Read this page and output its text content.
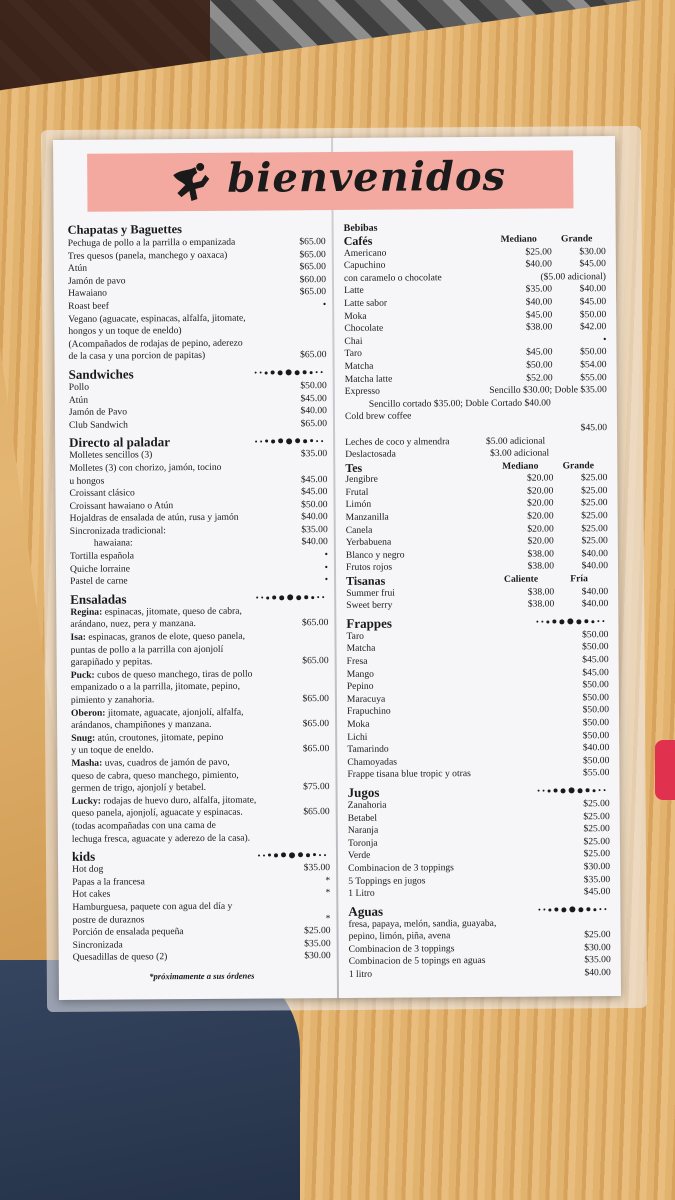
bienvenidos
Chapatas y Baguettes
Pechuga de pollo a la parrilla o empanizada	$65.00
Tres quesos (panela, manchego y oaxaca)	$65.00
Atún	$65.00
Jamón de pavo	$60.00
Hawaiano	$65.00
Roast beef	•
Vegano (aguacate, espinacas, alfalfa, jitomate,
hongos y un toque de eneldo)
(Acompañados de rodajas de pepino, aderezo
de la casa y una porcion de papitas)	$65.00
Sandwiches
Pollo	$50.00
Atún	$45.00
Jamón de Pavo	$40.00
Club Sandwich	$65.00
Directo al paladar
Molletes sencillos (3)	$35.00
Molletes (3) con chorizo, jamón, tocino
u hongos	$45.00
Croissant clásico	$45.00
Croissant hawaiano o Atún	$50.00
Hojaldras de ensalada de atún, rusa y jamón	$40.00
Sincronizada tradicional:	$35.00
hawaiana:	$40.00
Tortilla española	•
Quiche lorraine	•
Pastel de carne	•
Ensaladas
Regina: espinacas, jitomate, queso de cabra,
arándano, nuez, pera y manzana.	$65.00
Isa: espinacas, granos de elote, queso panela,
puntas de pollo a la parrilla con ajonjolí
garapiñado y pepitas.	$65.00
Puck: cubos de queso manchego, tiras de pollo
empanizado o a la parrilla, jitomate, pepino,
pimiento y zanahoria.	$65.00
Oberon: jitomate, aguacate, ajonjolí, alfalfa,
arándanos, champiñones y manzana.	$65.00
Snug: atún, croutones, jitomate, pepino
y un toque de eneldo.	$65.00
Masha: uvas, cuadros de jamón de pavo,
queso de cabra, queso manchego, pimiento,
germen de trigo, ajonjolí y betabel.	$75.00
Lucky: rodajas de huevo duro, alfalfa, jitomate,
queso panela, ajonjolí, aguacate y espinacas.	$65.00
(todas acompañadas con una cama de
lechuga fresca, aguacate y aderezo de la casa).
kids
Hot dog	$35.00
Papas a la francesa	*
Hot cakes	*
Hamburguesa, paquete con agua del día y
postre de duraznos	*
Porción de ensalada pequeña	$25.00
Sincronizada	$35.00
Quesadillas de queso (2)	$30.00
*próximamente a sus órdenes
Bebibas
Cafés	Mediano	Grande
Americano	$25.00	$30.00
Capuchino	$40.00	$45.00
con caramelo o chocolate	($5.00 adicional)
Latte	$35.00	$40.00
Latte sabor	$40.00	$45.00
Moka	$45.00	$50.00
Chocolate	$38.00	$42.00
Chai	•
Taro	$45.00	$50.00
Matcha	$50.00	$54.00
Matcha latte	$52.00	$55.00
Expresso	Sencillo $30.00; Doble $35.00
Sencillo cortado $35.00; Doble Cortado $40.00
Cold brew coffee
$45.00
Leches de coco y almendra	$5.00 adicional
Deslactosada	$3.00 adicional
Tes	Mediano	Grande
Jengibre	$20.00	$25.00
Frutal	$20.00	$25.00
Limón	$20.00	$25.00
Manzanilla	$20.00	$25.00
Canela	$20.00	$25.00
Yerbabuena	$20.00	$25.00
Blanco y negro	$38.00	$40.00
Frutos rojos	$38.00	$40.00
Tisanas	Caliente	Fría
Summer frui	$38.00	$40.00
Sweet berry	$38.00	$40.00
Frappes
Taro	$50.00
Matcha	$50.00
Fresa	$45.00
Mango	$45.00
Pepino	$50.00
Maracuya	$50.00
Frapuchino	$50.00
Moka	$50.00
Lichi	$50.00
Tamarindo	$40.00
Chamoyadas	$50.00
Frappe tisana blue tropic y otras	$55.00
Jugos
Zanahoria	$25.00
Betabel	$25.00
Naranja	$25.00
Toronja	$25.00
Verde	$25.00
Combinacion de 3 toppings	$30.00
5 Toppings en jugos	$35.00
1 Litro	$45.00
Aguas
fresa, papaya, melón, sandia, guayaba,
pepino, limón, piña, avena	$25.00
Combinacion de 3 toppings	$30.00
Combinacion de 5 topings en aguas	$35.00
1 litro	$40.00
